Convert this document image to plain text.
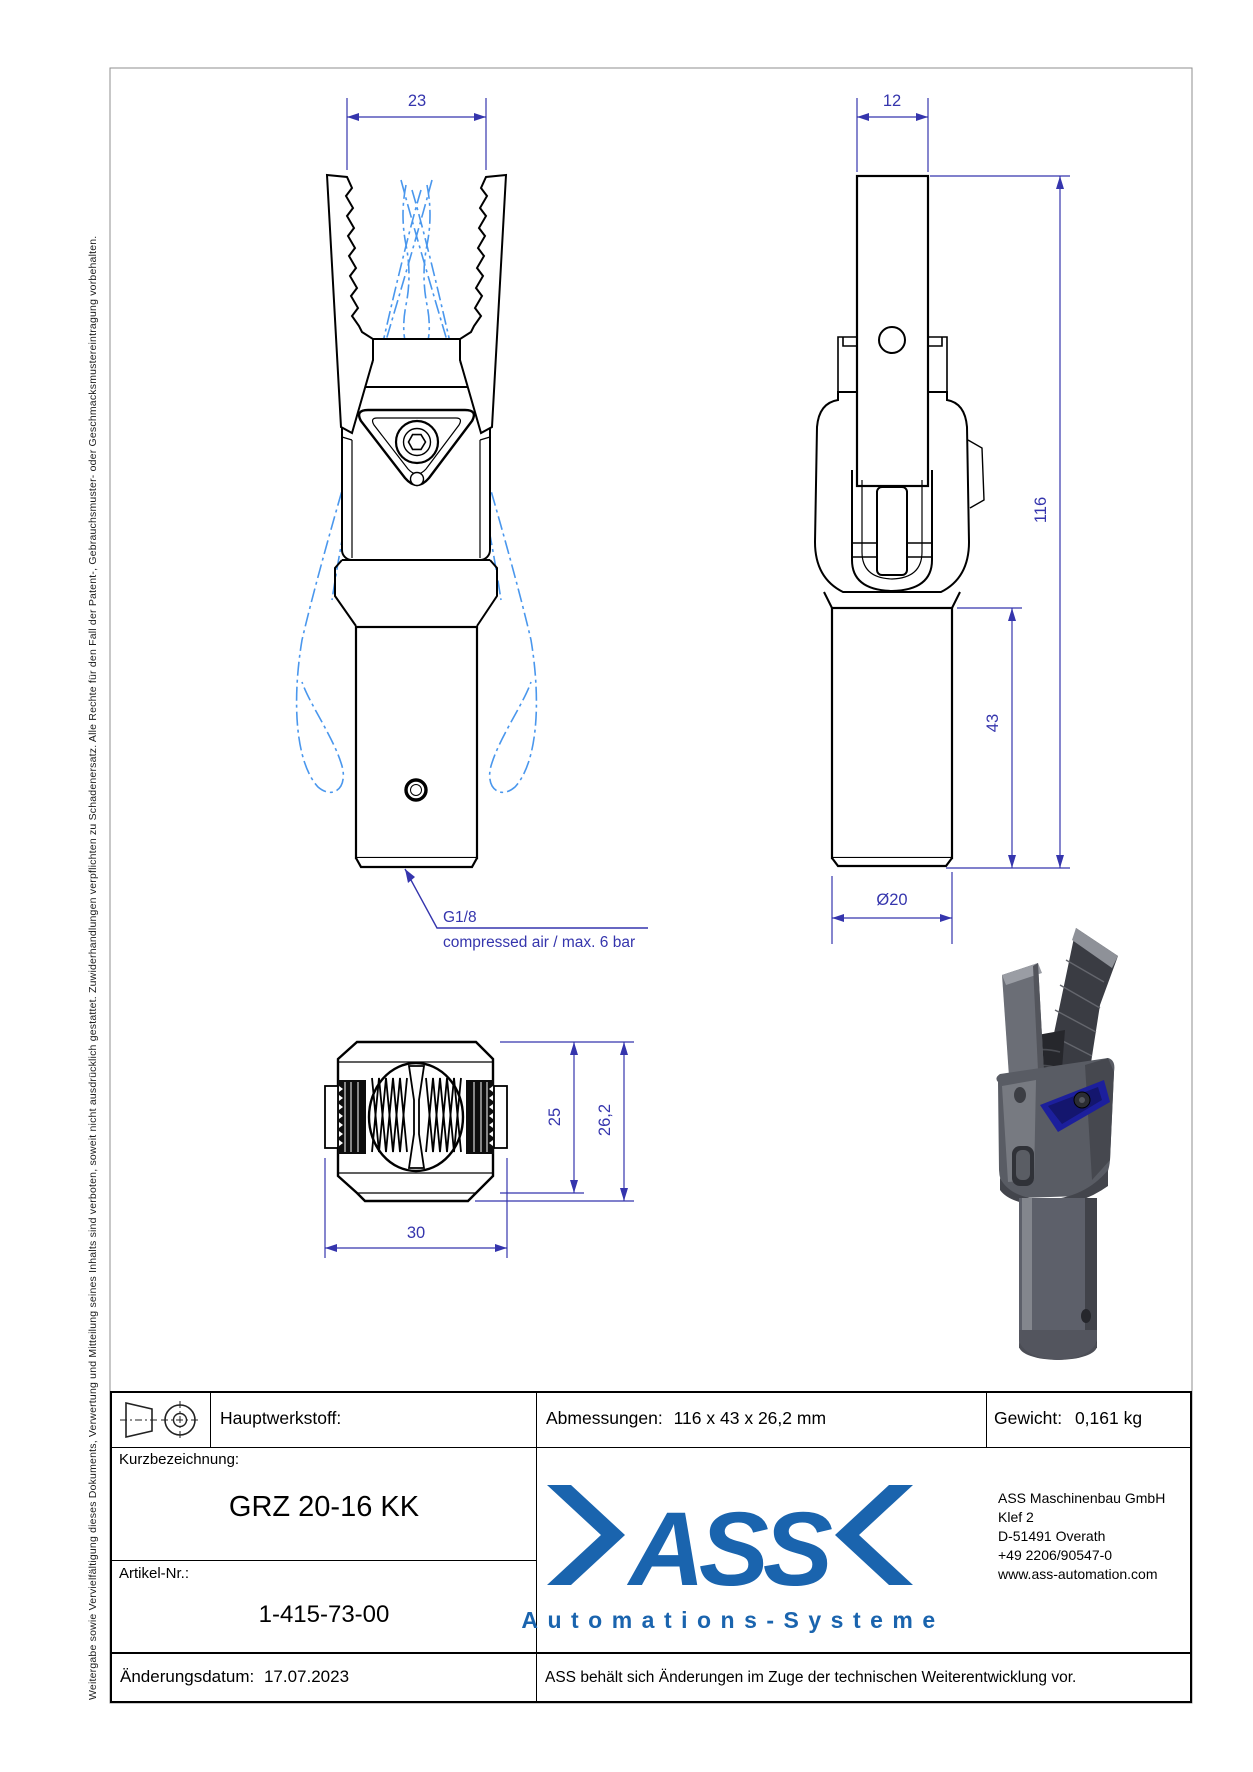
Weitergabe sowie Vervielfältigung dieses Dokuments, Verwertung und Mitteilung seines Inhalts sind verboten, soweit nicht ausdrücklich gestattet. Zuwiderhandlungen verpflichten zu Schadenersatz. Alle Rechte für den Fall der Patent-, Gebrauchsmuster- oder Geschmacksmustereintragung vorbehalten.
23
G1/8
compressed air / max. 6 bar
12
116
43
Ø20
25 26,2
30
Hauptwerkstoff:	Abmessungen: 116 x 43 x 26,2 mm	Gewicht: 0,161 kg
Kurzbezeichnung:
GRZ 20-16 KK
Artikel-Nr.:
1-415-73-00
ASS
Automations-Systeme
ASS Maschinenbau GmbH
Klef 2
D-51491 Overath
+49 2206/90547-0
www.ass-automation.com
Änderungsdatum: 17.07.2023	ASS behält sich Änderungen im Zuge der technischen Weiterentwicklung vor.
